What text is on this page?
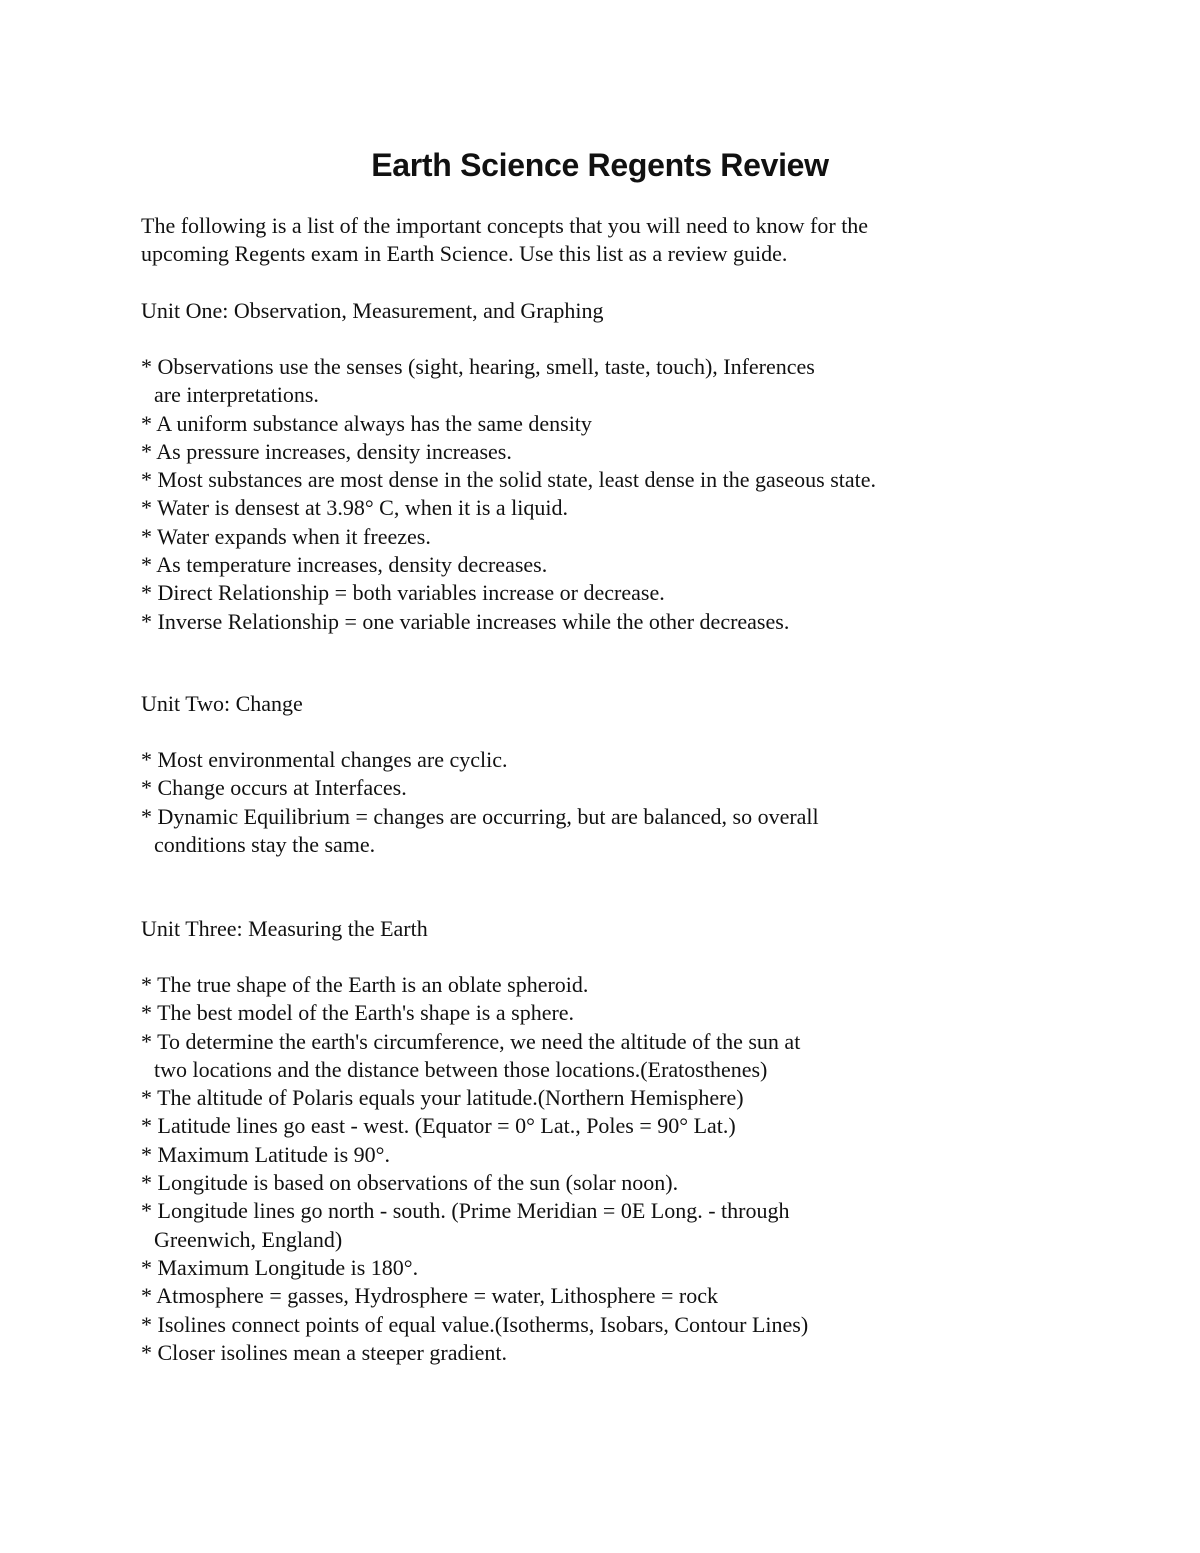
Earth Science Regents Review
The following is a list of the important concepts that you will need to know for the
upcoming Regents exam in Earth Science. Use this list as a review guide.
Unit One: Observation, Measurement, and Graphing
* Observations use the senses (sight, hearing, smell, taste, touch), Inferences
are interpretations.
* A uniform substance always has the same density
* As pressure increases, density increases.
* Most substances are most dense in the solid state, least dense in the gaseous state.
* Water is densest at 3.98° C, when it is a liquid.
* Water expands when it freezes.
* As temperature increases, density decreases.
* Direct Relationship = both variables increase or decrease.
* Inverse Relationship = one variable increases while the other decreases.
Unit Two: Change
* Most environmental changes are cyclic.
* Change occurs at Interfaces.
* Dynamic Equilibrium = changes are occurring, but are balanced, so overall
conditions stay the same.
Unit Three: Measuring the Earth
* The true shape of the Earth is an oblate spheroid.
* The best model of the Earth's shape is a sphere.
* To determine the earth's circumference, we need the altitude of the sun at
two locations and the distance between those locations.(Eratosthenes)
* The altitude of Polaris equals your latitude.(Northern Hemisphere)
* Latitude lines go east - west. (Equator = 0° Lat., Poles = 90° Lat.)
* Maximum Latitude is 90°.
* Longitude is based on observations of the sun (solar noon).
* Longitude lines go north - south. (Prime Meridian = 0E Long. - through
Greenwich, England)
* Maximum Longitude is 180°.
* Atmosphere = gasses, Hydrosphere = water, Lithosphere = rock
* Isolines connect points of equal value.(Isotherms, Isobars, Contour Lines)
* Closer isolines mean a steeper gradient.
